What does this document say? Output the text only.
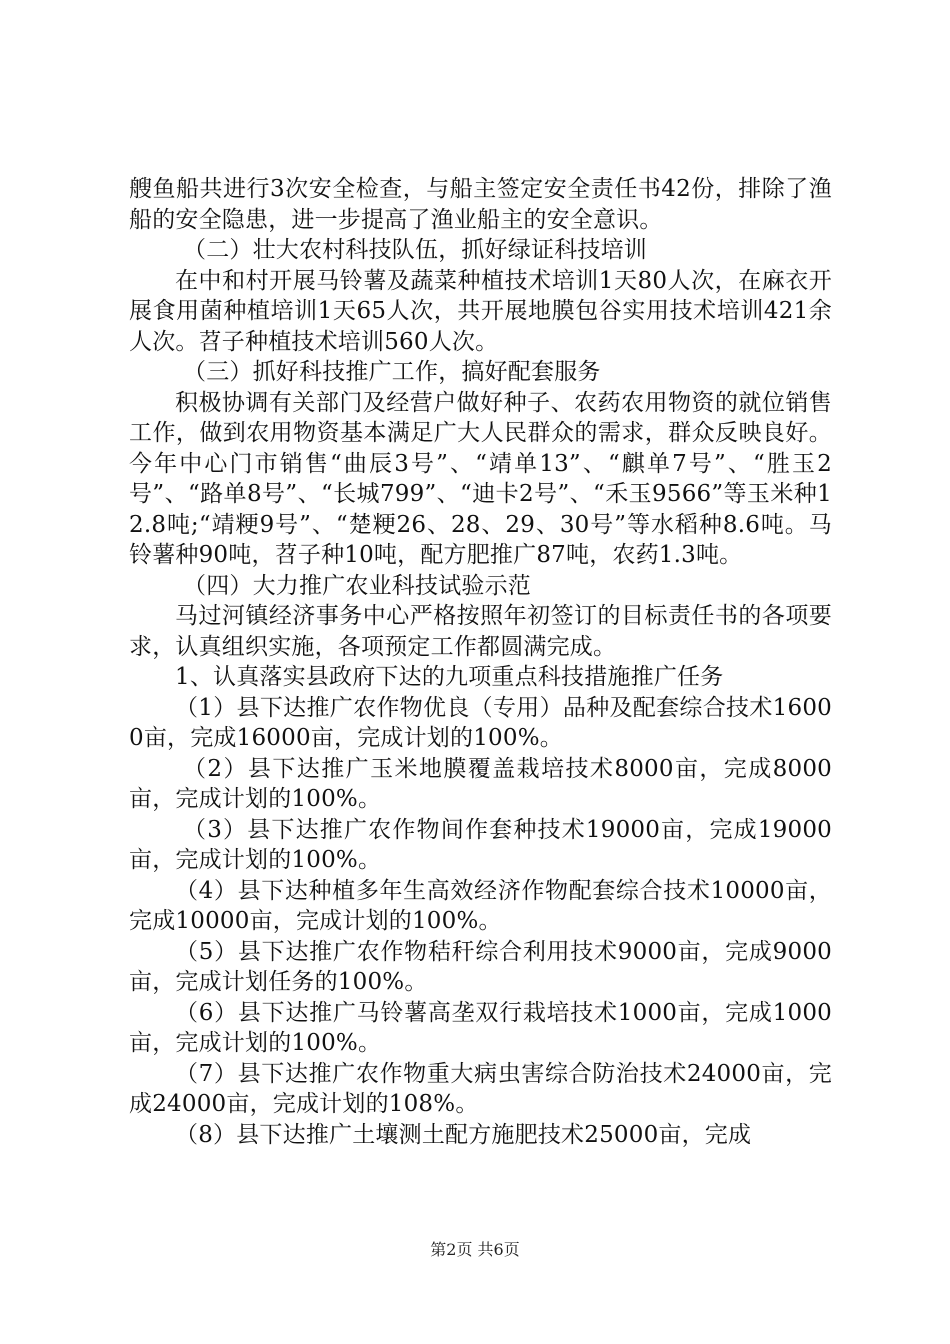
艘鱼船共进行3次安全检查，与船主签定安全责任书42份，排除了渔船的安全隐患，进一步提高了渔业船主的安全意识。

（二）壮大农村科技队伍，抓好绿证科技培训

在中和村开展马铃薯及蔬菜种植技术培训1天80人次，在麻衣开展食用菌种植培训1天65人次，共开展地膜包谷实用技术培训421余人次。苕子种植技术培训560人次。

（三）抓好科技推广工作，搞好配套服务

积极协调有关部门及经营户做好种子、农药农用物资的就位销售工作，做到农用物资基本满足广大人民群众的需求，群众反映良好。今年中心门市销售“曲辰3号”、“靖单13”、“麒单7号”、“胜玉2号”、“路单8号”、“长城799”、“迪卡2号”、“禾玉9566”等玉米种12.8吨;“靖粳9号”、“楚粳26、28、29、30号”等水稻种8.6吨。马铃薯种90吨，苕子种10吨，配方肥推广87吨，农药1.3吨。

（四）大力推广农业科技试验示范

马过河镇经济事务中心严格按照年初签订的目标责任书的各项要求，认真组织实施，各项预定工作都圆满完成。

1、认真落实县政府下达的九项重点科技措施推广任务

（1）县下达推广农作物优良（专用）品种及配套综合技术16000亩，完成16000亩，完成计划的100%。

（2）县下达推广玉米地膜覆盖栽培技术8000亩，完成8000亩，完成计划的100%。

（3）县下达推广农作物间作套种技术19000亩，完成19000亩，完成计划的100%。

（4）县下达种植多年生高效经济作物配套综合技术10000亩，完成10000亩，完成计划的100%。

（5）县下达推广农作物秸秆综合利用技术9000亩，完成9000亩，完成计划任务的100%。

（6）县下达推广马铃薯高垄双行栽培技术1000亩，完成1000亩，完成计划的100%。

（7）县下达推广农作物重大病虫害综合防治技术24000亩，完成24000亩，完成计划的108%。

（8）县下达推广土壤测土配方施肥技术25000亩，完成

第2页 共6页
